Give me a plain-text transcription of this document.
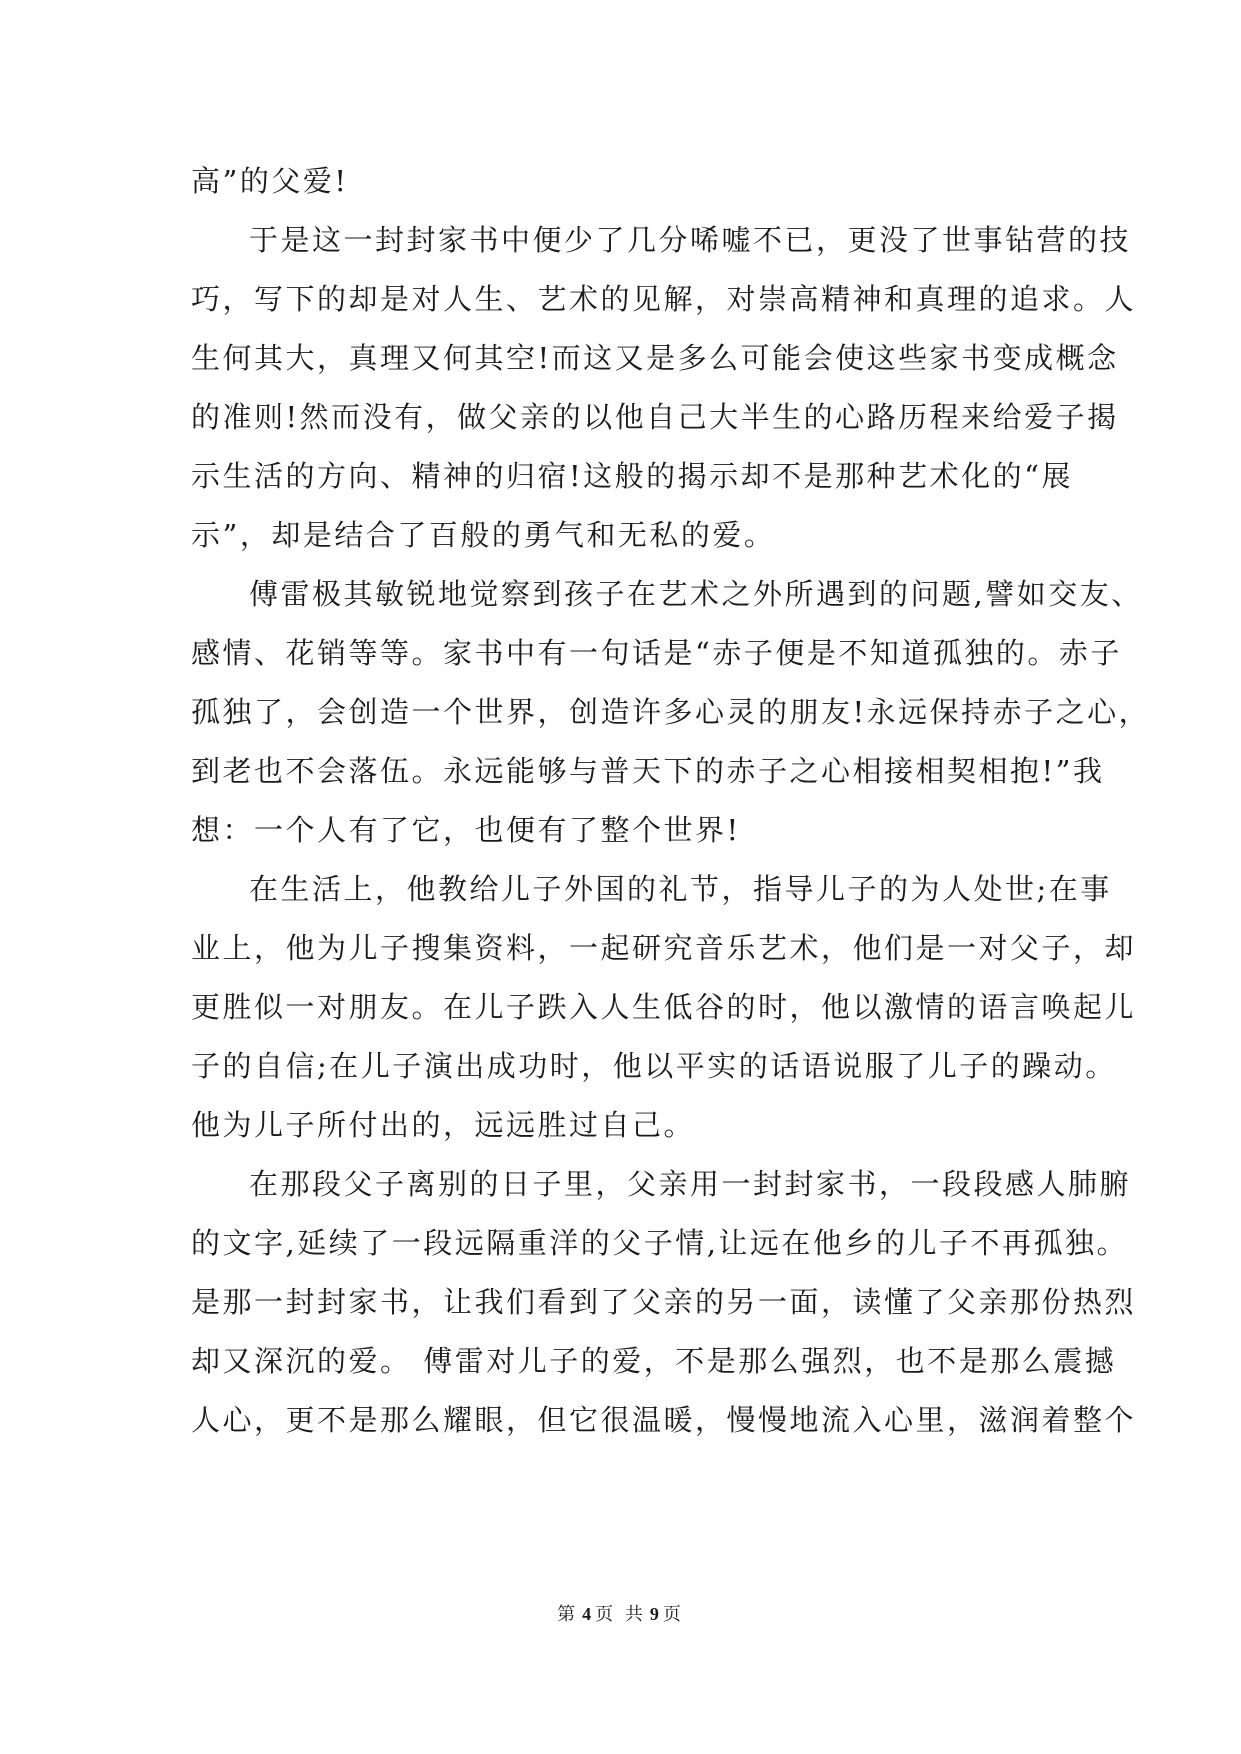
高”的父爱!
于是这一封封家书中便少了几分唏嘘不已，更没了世事钻营的技
巧，写下的却是对人生、艺术的见解，对崇高精神和真理的追求。人
生何其大，真理又何其空!而这又是多么可能会使这些家书变成概念
的准则!然而没有，做父亲的以他自己大半生的心路历程来给爱子揭
示生活的方向、精神的归宿!这般的揭示却不是那种艺术化的“展
示”，却是结合了百般的勇气和无私的爱。
傅雷极其敏锐地觉察到孩子在艺术之外所遇到的问题,譬如交友、
感情、花销等等。家书中有一句话是“赤子便是不知道孤独的。赤子
孤独了，会创造一个世界，创造许多心灵的朋友!永远保持赤子之心，
到老也不会落伍。永远能够与普天下的赤子之心相接相契相抱!”我
想：一个人有了它，也便有了整个世界!
在生活上，他教给儿子外国的礼节，指导儿子的为人处世;在事
业上，他为儿子搜集资料，一起研究音乐艺术，他们是一对父子，却
更胜似一对朋友。在儿子跌入人生低谷的时，他以激情的语言唤起儿
子的自信;在儿子演出成功时，他以平实的话语说服了儿子的躁动。
他为儿子所付出的，远远胜过自己。
在那段父子离别的日子里，父亲用一封封家书，一段段感人肺腑
的文字,延续了一段远隔重洋的父子情,让远在他乡的儿子不再孤独。
是那一封封家书，让我们看到了父亲的另一面，读懂了父亲那份热烈
却又深沉的爱。 傅雷对儿子的爱，不是那么强烈，也不是那么震撼
人心，更不是那么耀眼，但它很温暖，慢慢地流入心里，滋润着整个
第 4 页 共 9 页
